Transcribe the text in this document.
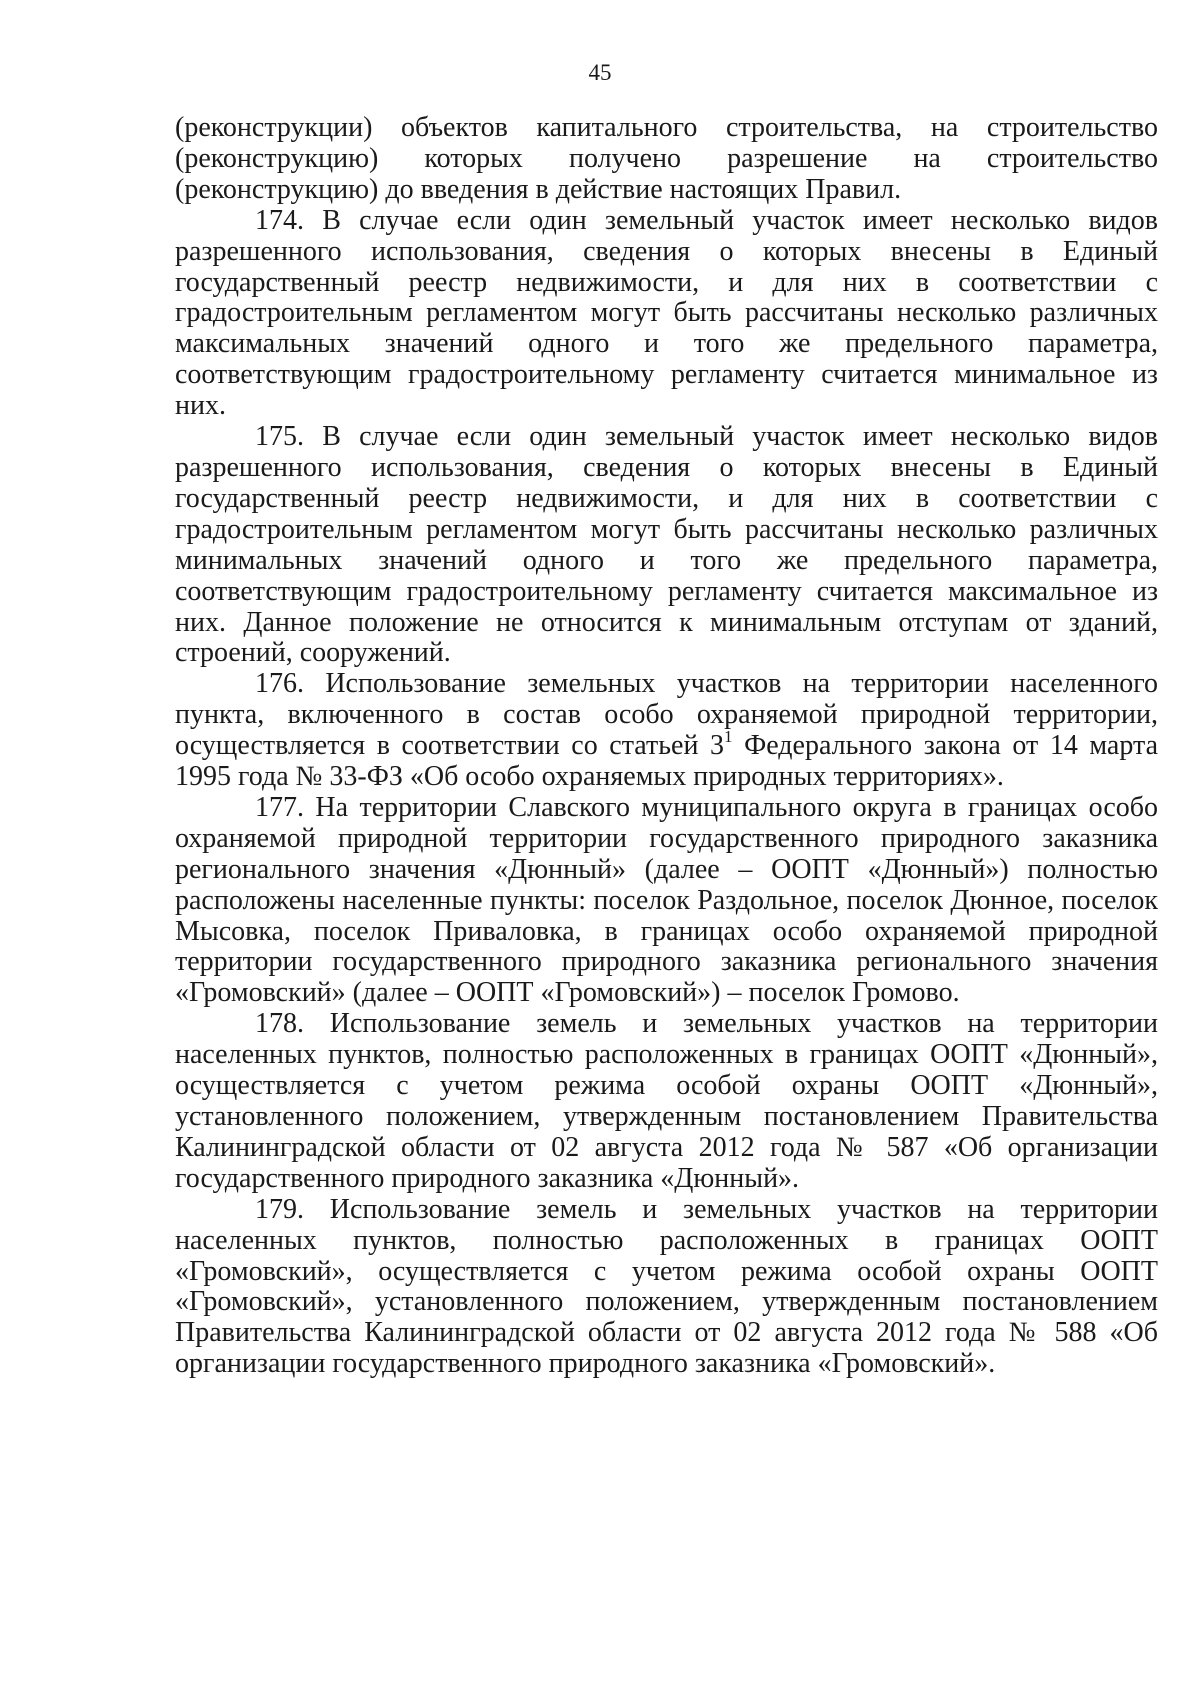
45

(реконструкции) объектов капитального строительства, на строительство (реконструкцию) которых получено разрешение на строительство (реконструкцию) до введения в действие настоящих Правил.

174. В случае если один земельный участок имеет несколько видов разрешенного использования, сведения о которых внесены в Единый государственный реестр недвижимости, и для них в соответствии с градостроительным регламентом могут быть рассчитаны несколько различных максимальных значений одного и того же предельного параметра, соответствующим градостроительному регламенту считается минимальное из них.

175. В случае если один земельный участок имеет несколько видов разрешенного использования, сведения о которых внесены в Единый государственный реестр недвижимости, и для них в соответствии с градостроительным регламентом могут быть рассчитаны несколько различных минимальных значений одного и того же предельного параметра, соответствующим градостроительному регламенту считается максимальное из них. Данное положение не относится к минимальным отступам от зданий, строений, сооружений.

176. Использование земельных участков на территории населенного пункта, включенного в состав особо охраняемой природной территории, осуществляется в соответствии со статьей $3^1$ Федерального закона от 14 марта 1995 года № 33-ФЗ «Об особо охраняемых природных территориях».

177. На территории Славского муниципального округа в границах особо охраняемой природной территории государственного природного заказника регионального значения «Дюнный» (далее – ООПТ «Дюнный») полностью расположены населенные пункты: поселок Раздольное, поселок Дюнное, поселок Мысовка, поселок Приваловка, в границах особо охраняемой природной территории государственного природного заказника регионального значения «Громовский» (далее – ООПТ «Громовский») – поселок Громово.

178. Использование земель и земельных участков на территории населенных пунктов, полностью расположенных в границах ООПТ «Дюнный», осуществляется с учетом режима особой охраны ООПТ «Дюнный», установленного положением, утвержденным постановлением Правительства Калининградской области от 02 августа 2012 года № 587 «Об организации государственного природного заказника «Дюнный».

179. Использование земель и земельных участков на территории населенных пунктов, полностью расположенных в границах ООПТ «Громовский», осуществляется с учетом режима особой охраны ООПТ «Громовский», установленного положением, утвержденным постановлением Правительства Калининградской области от 02 августа 2012 года № 588 «Об организации государственного природного заказника «Громовский».
